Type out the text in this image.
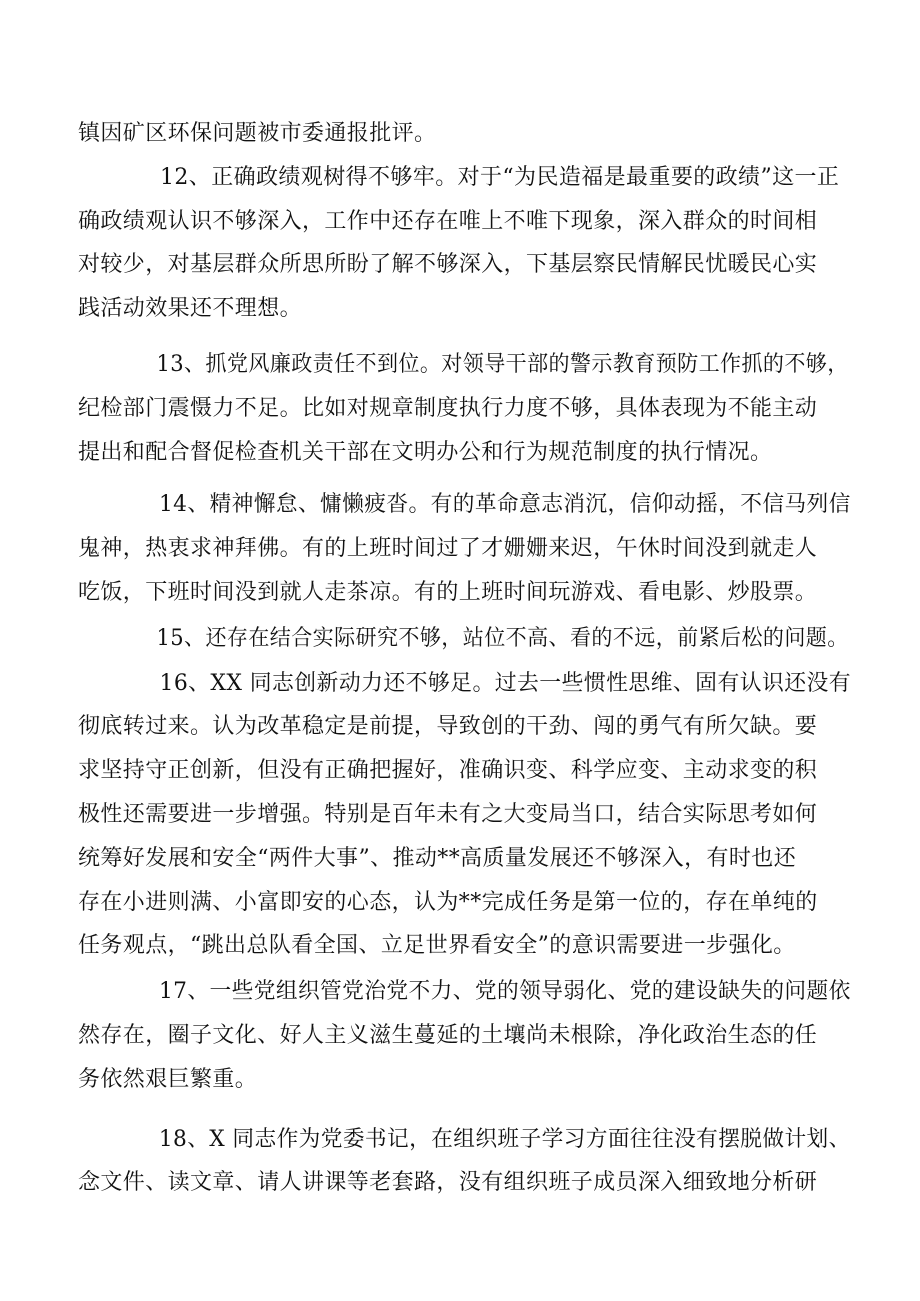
镇因矿区环保问题被市委通报批评。

12、正确政绩观树得不够牢。对于“为民造福是最重要的政绩”这一正
确政绩观认识不够深入，工作中还存在唯上不唯下现象，深入群众的时间相
对较少，对基层群众所思所盼了解不够深入，下基层察民情解民忧暖民心实
践活动效果还不理想。

13、抓党风廉政责任不到位。对领导干部的警示教育预防工作抓的不够，
纪检部门震慑力不足。比如对规章制度执行力度不够，具体表现为不能主动
提出和配合督促检查机关干部在文明办公和行为规范制度的执行情况。

14、精神懈怠、慵懒疲沓。有的革命意志消沉，信仰动摇，不信马列信
鬼神，热衷求神拜佛。有的上班时间过了才姗姗来迟，午休时间没到就走人
吃饭，下班时间没到就人走茶凉。有的上班时间玩游戏、看电影、炒股票。

15、还存在结合实际研究不够，站位不高、看的不远，前紧后松的问题。

16、XX 同志创新动力还不够足。过去一些惯性思维、固有认识还没有
彻底转过来。认为改革稳定是前提，导致创的干劲、闯的勇气有所欠缺。要
求坚持守正创新，但没有正确把握好，准确识变、科学应变、主动求变的积
极性还需要进一步增强。特别是百年未有之大变局当口，结合实际思考如何
统筹好发展和安全“两件大事”、推动**高质量发展还不够深入，有时也还
存在小进则满、小富即安的心态，认为**完成任务是第一位的，存在单纯的
任务观点，“跳出总队看全国、立足世界看安全”的意识需要进一步强化。

17、一些党组织管党治党不力、党的领导弱化、党的建设缺失的问题依
然存在，圈子文化、好人主义滋生蔓延的土壤尚未根除，净化政治生态的任
务依然艰巨繁重。

18、X 同志作为党委书记，在组织班子学习方面往往没有摆脱做计划、
念文件、读文章、请人讲课等老套路，没有组织班子成员深入细致地分析研
